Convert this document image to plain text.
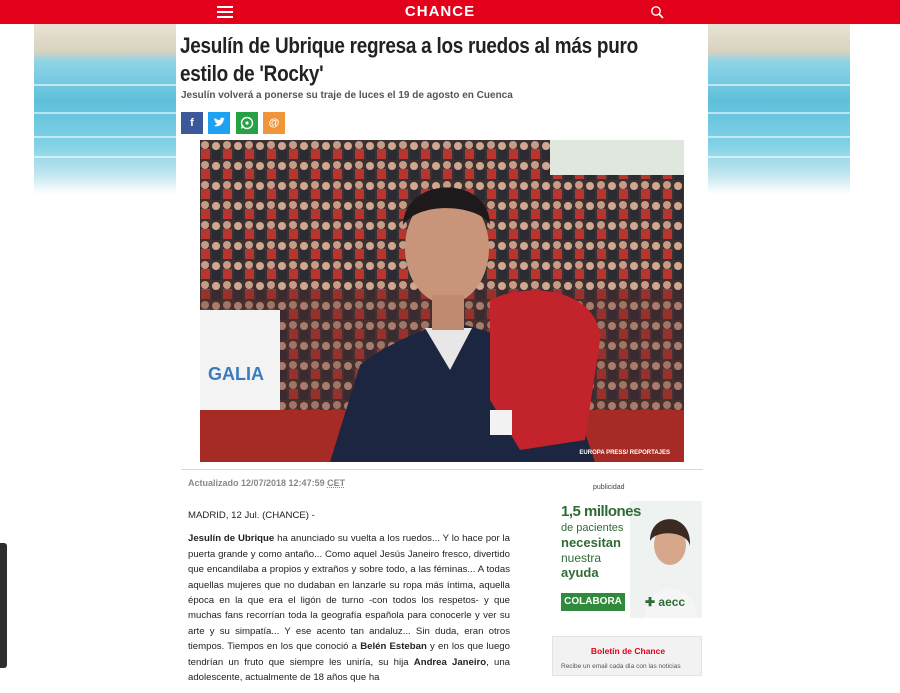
CHANCE
Jesulín de Ubrique regresa a los ruedos al más puro estilo de 'Rocky'
Jesulín volverá a ponerse su traje de luces el 19 de agosto en Cuenca
f	@
GALIA
EUROPA PRESS/ REPORTAJES
Actualizado 12/07/2018 12:47:59 CET

MADRID, 12 Jul. (CHANCE) -

Jesulín de Ubrique ha anunciado su vuelta a los ruedos... Y lo hace por la puerta grande y como antaño... Como aquel Jesús Janeiro fresco, divertido que encandilaba a propios y extraños y sobre todo, a las féminas... A todas aquellas mujeres que no dudaban en lanzarle su ropa más íntima, aquella época en la que era el ligón de turno -con todos los respetos- y que muchas fans recorrían toda la geografía española para conocerle y ver su arte y su simpatía... Y ese acento tan andaluz... Sin duda, eran otros tiempos. Tiempos en los que conoció a Belén Esteban y en los que luego tendrían un fruto que siempre les uniría, su hija Andrea Janeiro, una adolescente, actualmente de 18 años que ha

publicidad
1,5 millones
de pacientes
necesitan
nuestra
ayuda
COLABORA ✚ aecc
Boletín de Chance
Recibe un email cada día con las noticias
